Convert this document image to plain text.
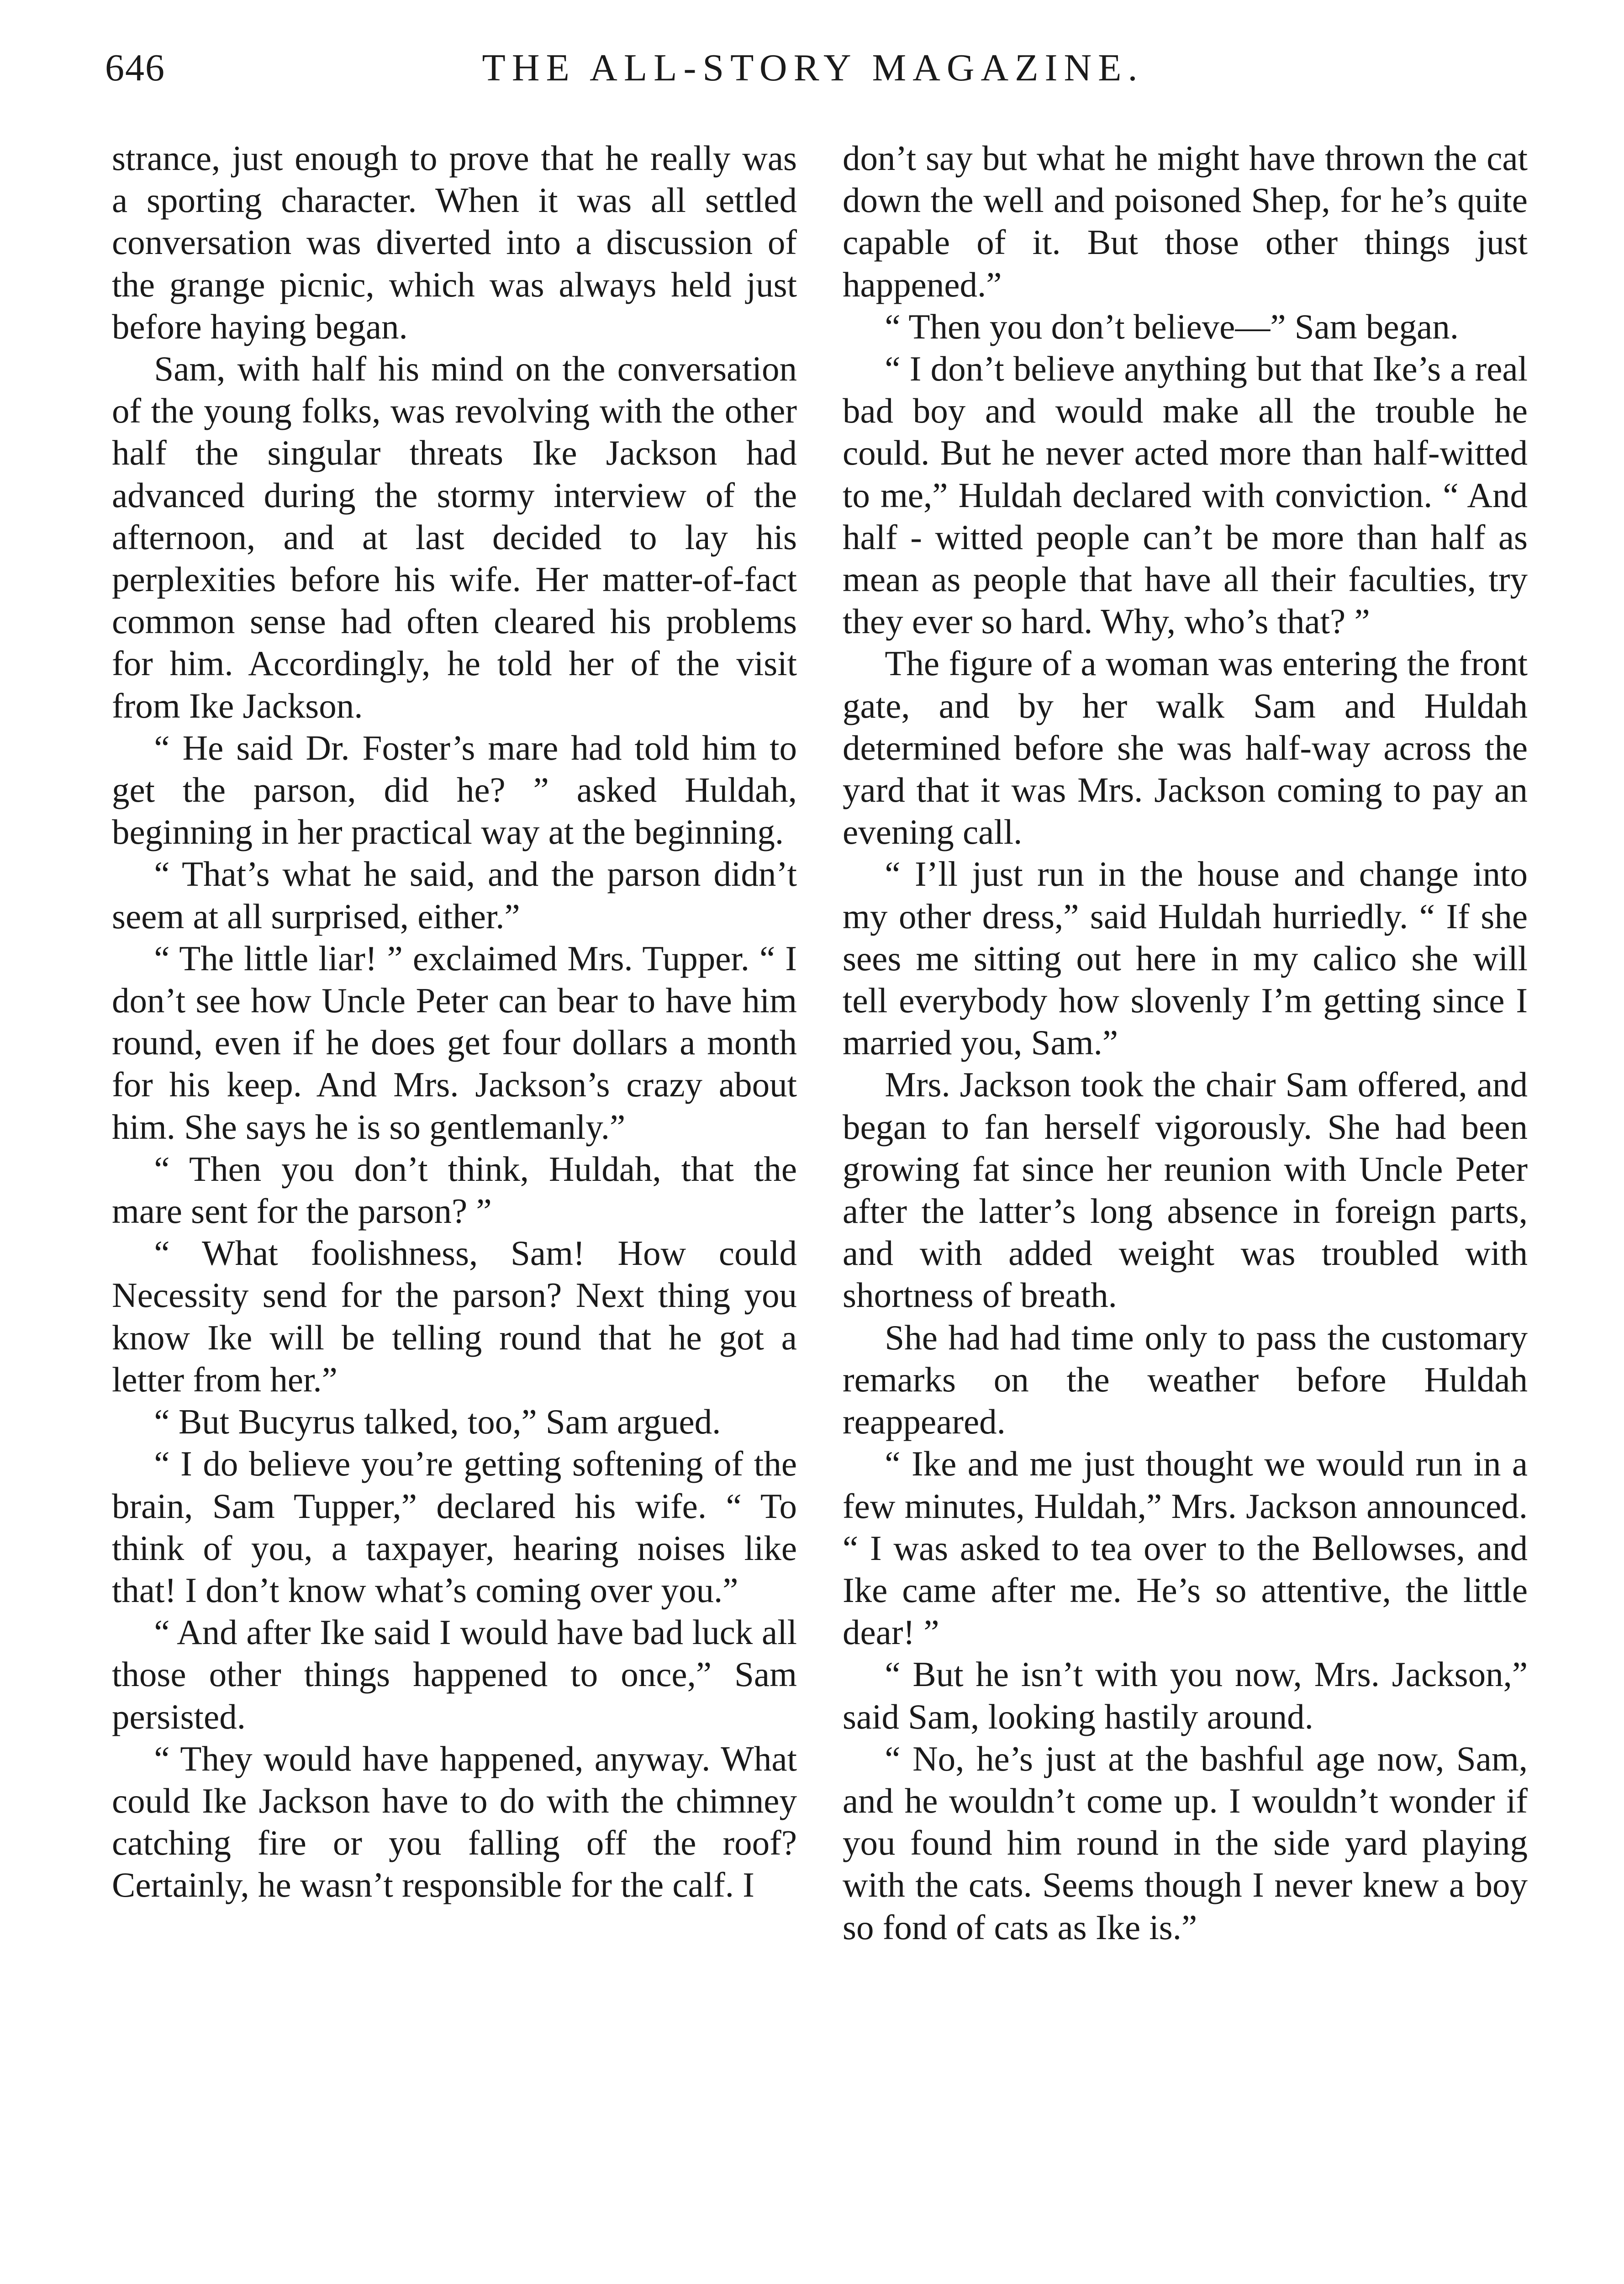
646	THE ALL-STORY MAGAZINE.

strance, just enough to prove that he really was a sporting character. When it was all settled conversation was diverted into a discussion of the grange picnic, which was always held just before haying began.

Sam, with half his mind on the conversation of the young folks, was revolving with the other half the singular threats Ike Jackson had advanced during the stormy interview of the afternoon, and at last decided to lay his perplexities before his wife. Her matter-of-fact common sense had often cleared his problems for him. Accordingly, he told her of the visit from Ike Jackson.

“ He said Dr. Foster’s mare had told him to get the parson, did he? ” asked Huldah, beginning in her practical way at the beginning.

“ That’s what he said, and the parson didn’t seem at all surprised, either.”

“ The little liar! ” exclaimed Mrs. Tupper. “ I don’t see how Uncle Peter can bear to have him round, even if he does get four dollars a month for his keep. And Mrs. Jackson’s crazy about him. She says he is so gentlemanly.”

“ Then you don’t think, Huldah, that the mare sent for the parson? ”

“ What foolishness, Sam! How could Necessity send for the parson? Next thing you know Ike will be telling round that he got a letter from her.”

“ But Bucyrus talked, too,” Sam argued.

“ I do believe you’re getting softening of the brain, Sam Tupper,” declared his wife. “ To think of you, a taxpayer, hearing noises like that! I don’t know what’s coming over you.”

“ And after Ike said I would have bad luck all those other things happened to once,” Sam persisted.

“ They would have happened, anyway. What could Ike Jackson have to do with the chimney catching fire or you falling off the roof? Certainly, he wasn’t responsible for the calf. I

don’t say but what he might have thrown the cat down the well and poisoned Shep, for he’s quite capable of it. But those other things just happened.”

“ Then you don’t believe—” Sam began.

“ I don’t believe anything but that Ike’s a real bad boy and would make all the trouble he could. But he never acted more than half-witted to me,” Huldah declared with conviction. “ And half - witted people can’t be more than half as mean as people that have all their faculties, try they ever so hard. Why, who’s that? ”

The figure of a woman was entering the front gate, and by her walk Sam and Huldah determined before she was half-way across the yard that it was Mrs. Jackson coming to pay an evening call.

“ I’ll just run in the house and change into my other dress,” said Huldah hurriedly. “ If she sees me sitting out here in my calico she will tell everybody how slovenly I’m getting since I married you, Sam.”

Mrs. Jackson took the chair Sam offered, and began to fan herself vigorously. She had been growing fat since her reunion with Uncle Peter after the latter’s long absence in foreign parts, and with added weight was troubled with shortness of breath.

She had had time only to pass the customary remarks on the weather before Huldah reappeared.

“ Ike and me just thought we would run in a few minutes, Huldah,” Mrs. Jackson announced. “ I was asked to tea over to the Bellowses, and Ike came after me. He’s so attentive, the little dear! ”

“ But he isn’t with you now, Mrs. Jackson,” said Sam, looking hastily around.

“ No, he’s just at the bashful age now, Sam, and he wouldn’t come up. I wouldn’t wonder if you found him round in the side yard playing with the cats. Seems though I never knew a boy so fond of cats as Ike is.”
